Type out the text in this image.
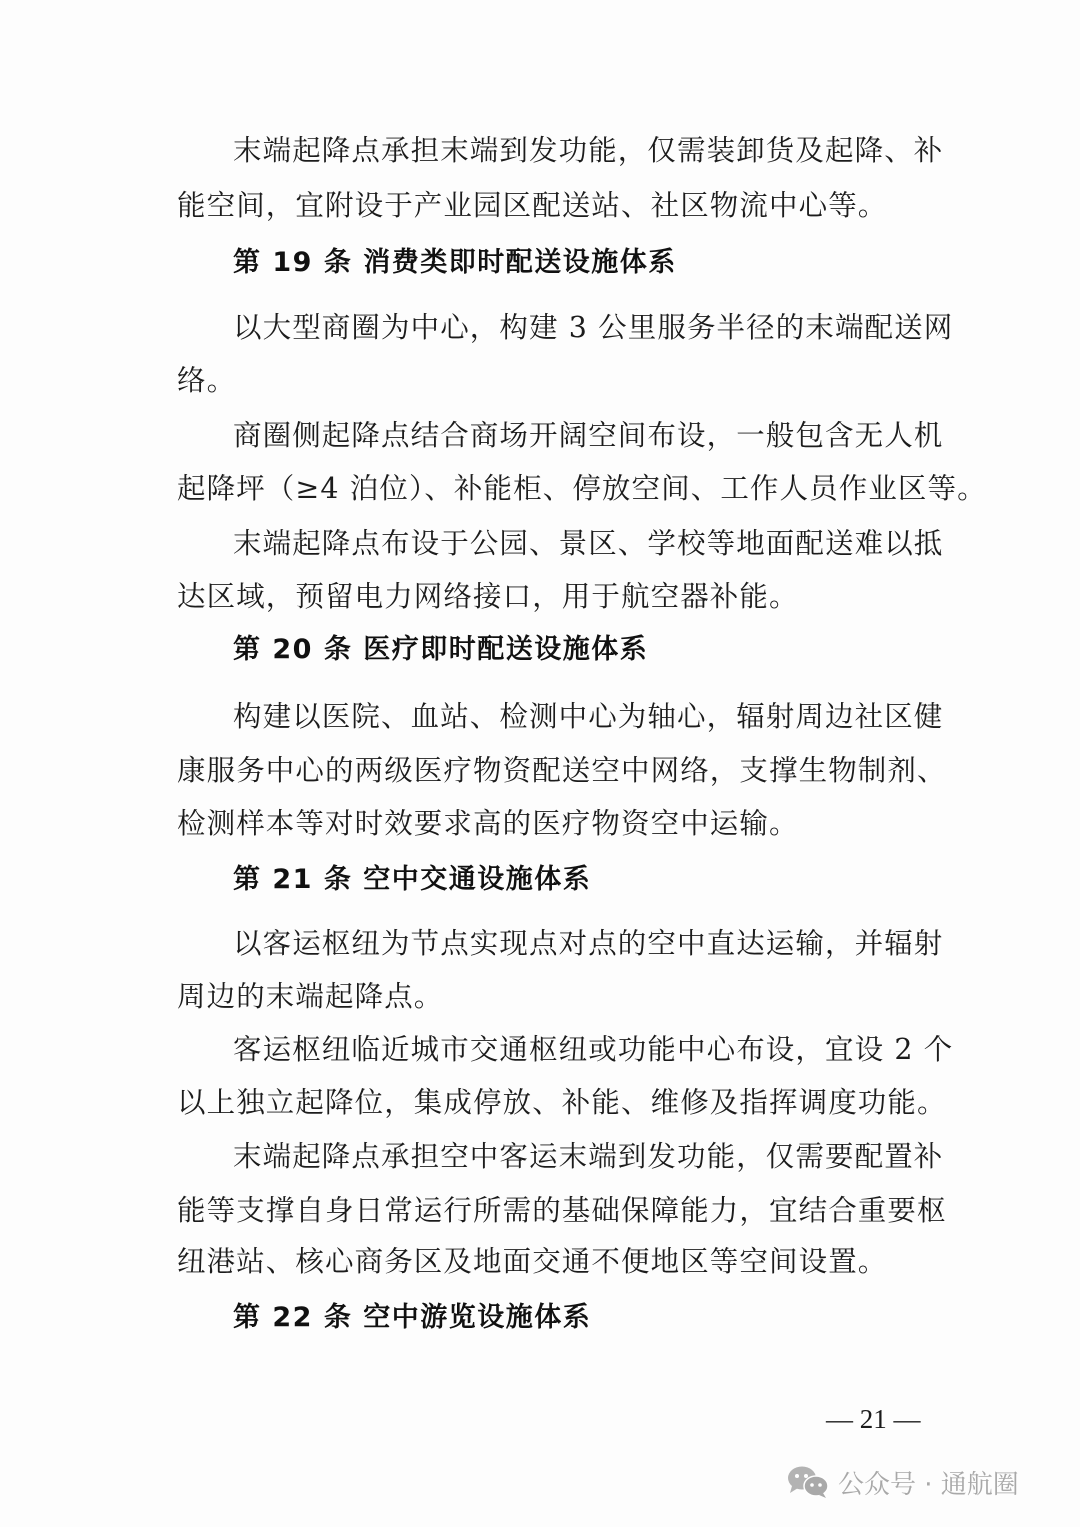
末端起降点承担末端到发功能，仅需装卸货及起降、补
能空间，宜附设于产业园区配送站、社区物流中心等。
第 19 条 消费类即时配送设施体系
以大型商圈为中心，构建 3 公里服务半径的末端配送网
络。
商圈侧起降点结合商场开阔空间布设，一般包含无人机
起降坪（≥4 泊位）、补能柜、停放空间、工作人员作业区等。
末端起降点布设于公园、景区、学校等地面配送难以抵
达区域，预留电力网络接口，用于航空器补能。
第 20 条 医疗即时配送设施体系
构建以医院、血站、检测中心为轴心，辐射周边社区健
康服务中心的两级医疗物资配送空中网络，支撑生物制剂、
检测样本等对时效要求高的医疗物资空中运输。
第 21 条 空中交通设施体系
以客运枢纽为节点实现点对点的空中直达运输，并辐射
周边的末端起降点。
客运枢纽临近城市交通枢纽或功能中心布设，宜设 2 个
以上独立起降位，集成停放、补能、维修及指挥调度功能。
末端起降点承担空中客运末端到发功能，仅需要配置补
能等支撑自身日常运行所需的基础保障能力，宜结合重要枢
纽港站、核心商务区及地面交通不便地区等空间设置。
第 22 条 空中游览设施体系
— 21 —
公众号 · 通航圈
